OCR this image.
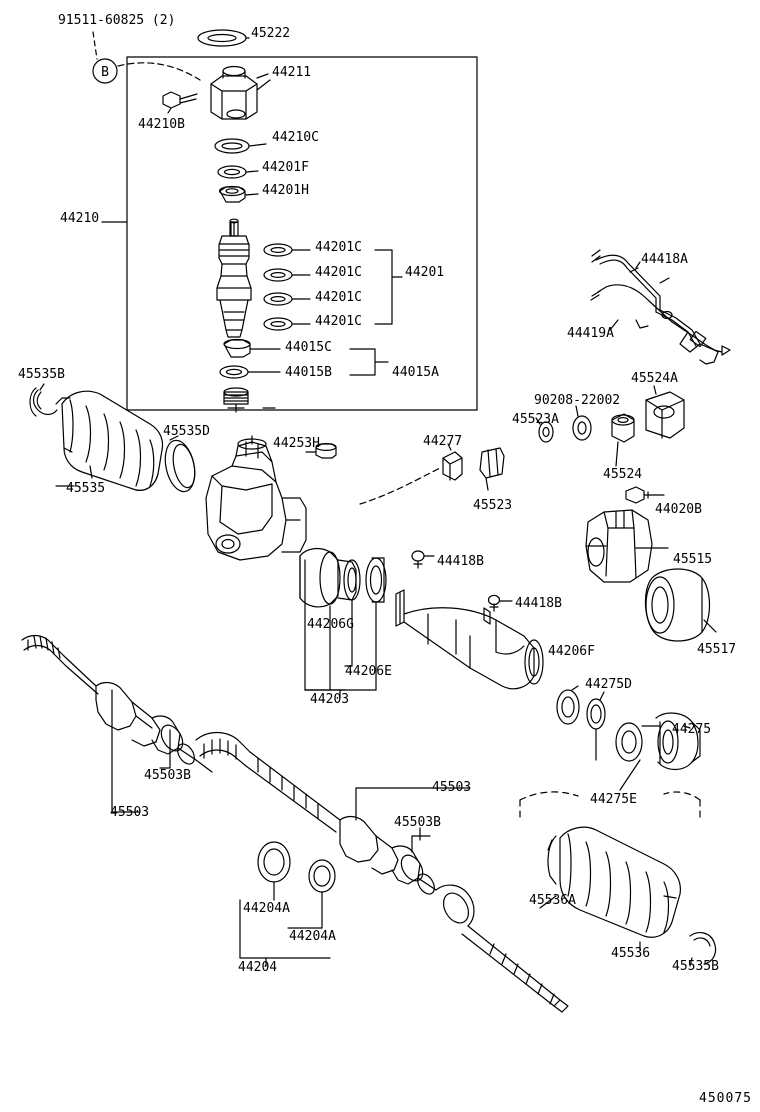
B
91511-60825 (2)
45222
44211
44210B
44210C
44201F
44201H
44210
44201C
44201C	44201
44201C
44201C
44015C
44015B	44015A
44418A
44419A
45535B	45524A
90208-22002
45523A
45535D
44253H	44277
45524
45535
45523	44020B
45515
44418B
44418B
44206F	45517
44206G
44206E
44203
44275D
44275
45503B
44275E
45503
45503
45503B
44204A
45536A
44204A
44204
45536
45535B
450075
